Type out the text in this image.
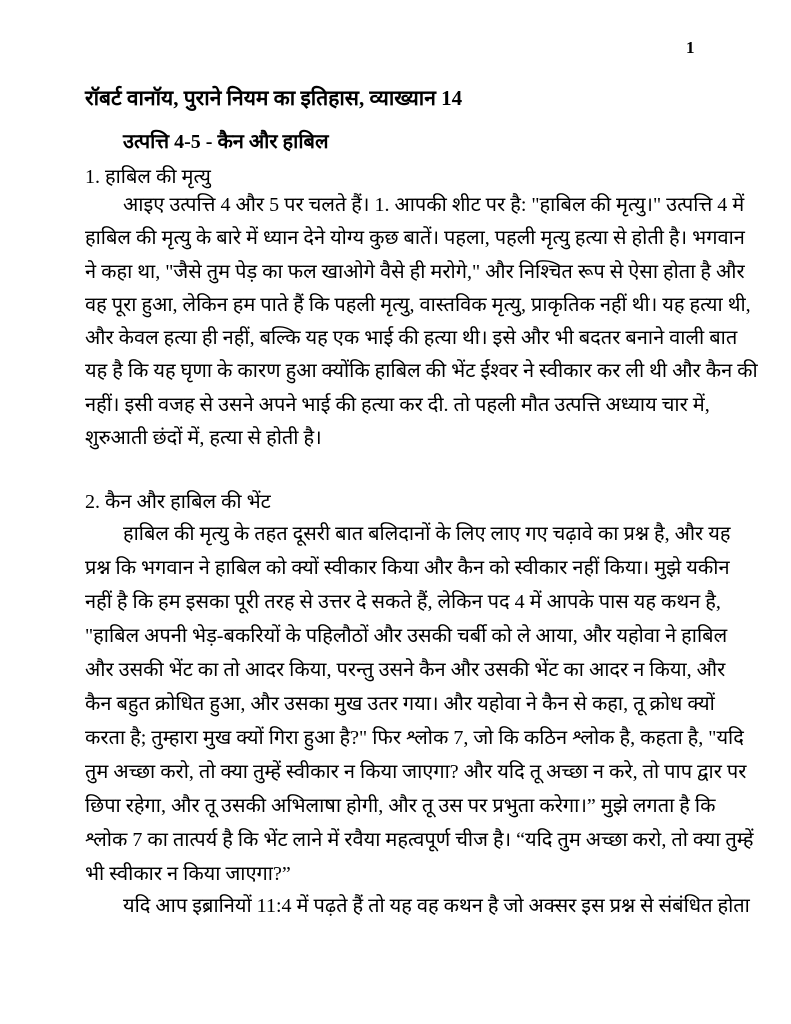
1
रॉबर्ट वानॉय, पुराने नियम का इतिहास, व्याख्यान 14
उत्पत्ति 4-5 - कैन और हाबिल
1. हाबिल की मृत्यु
आइए उत्पत्ति 4 और 5 पर चलते हैं। 1. आपकी शीट पर है: "हाबिल की मृत्यु।" उत्पत्ति 4 में
हाबिल की मृत्यु के बारे में ध्यान देने योग्य कुछ बातें। पहला, पहली मृत्यु हत्या से होती है। भगवान
ने कहा था, "जैसे तुम पेड़ का फल खाओगे वैसे ही मरोगे," और निश्चित रूप से ऐसा होता है और
वह पूरा हुआ, लेकिन हम पाते हैं कि पहली मृत्यु, वास्तविक मृत्यु, प्राकृतिक नहीं थी। यह हत्या थी,
और केवल हत्या ही नहीं, बल्कि यह एक भाई की हत्या थी। इसे और भी बदतर बनाने वाली बात
यह है कि यह घृणा के कारण हुआ क्योंकि हाबिल की भेंट ईश्वर ने स्वीकार कर ली थी और कैन की
नहीं। इसी वजह से उसने अपने भाई की हत्या कर दी. तो पहली मौत उत्पत्ति अध्याय चार में,
शुरुआती छंदों में, हत्या से होती है।
2. कैन और हाबिल की भेंट
हाबिल की मृत्यु के तहत दूसरी बात बलिदानों के लिए लाए गए चढ़ावे का प्रश्न है, और यह
प्रश्न कि भगवान ने हाबिल को क्यों स्वीकार किया और कैन को स्वीकार नहीं किया। मुझे यकीन
नहीं है कि हम इसका पूरी तरह से उत्तर दे सकते हैं, लेकिन पद 4 में आपके पास यह कथन है,
"हाबिल अपनी भेड़-बकरियों के पहिलौठों और उसकी चर्बी को ले आया, और यहोवा ने हाबिल
और उसकी भेंट का तो आदर किया, परन्तु उसने कैन और उसकी भेंट का आदर न किया, और
कैन बहुत क्रोधित हुआ, और उसका मुख उतर गया। और यहोवा ने कैन से कहा, तू क्रोध क्यों
करता है; तुम्हारा मुख क्यों गिरा हुआ है?" फिर श्लोक 7, जो कि कठिन श्लोक है, कहता है, "यदि
तुम अच्छा करो, तो क्या तुम्हें स्वीकार न किया जाएगा? और यदि तू अच्छा न करे, तो पाप द्वार पर
छिपा रहेगा, और तू उसकी अभिलाषा होगी, और तू उस पर प्रभुता करेगा।” मुझे लगता है कि
श्लोक 7 का तात्पर्य है कि भेंट लाने में रवैया महत्वपूर्ण चीज है। “यदि तुम अच्छा करो, तो क्या तुम्हें
भी स्वीकार न किया जाएगा?”
यदि आप इब्रानियों 11:4 में पढ़ते हैं तो यह वह कथन है जो अक्सर इस प्रश्न से संबंधित होता
